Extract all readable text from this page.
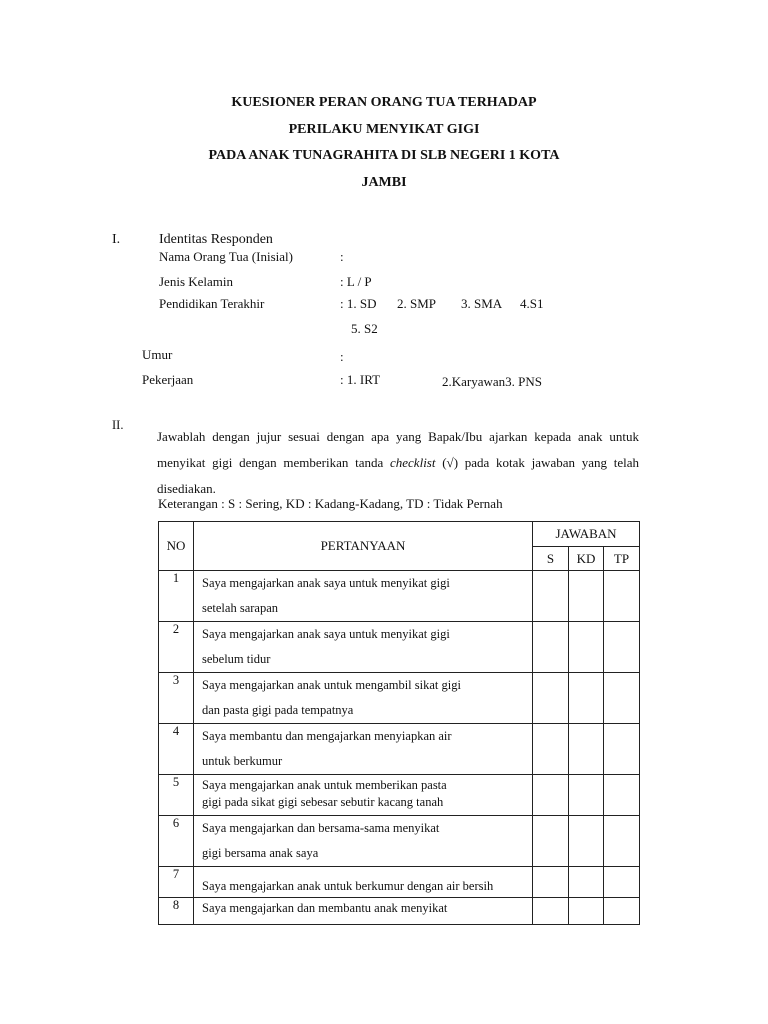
KUESIONER PERAN ORANG TUA TERHADAP
PERILAKU MENYIKAT GIGI
PADA ANAK TUNAGRAHITA DI SLB NEGERI 1 KOTA
JAMBI
I.	Identitas Responden
Nama Orang Tua (Inisial)	:
Jenis Kelamin	: L / P
Pendidikan Terakhir	: 1. SD 2. SMP 3. SMA 4.S1
5. S2
Umur	:
Pekerjaan	: 1. IRT	2.Karyawan3. PNS
II.
Jawablah dengan jujur sesuai dengan apa yang Bapak/Ibu ajarkan kepada anak untuk menyikat gigi dengan memberikan tanda checklist (√) pada kotak jawaban yang telah disediakan.
Keterangan : S : Sering, KD : Kadang-Kadang, TD : Tidak Pernah
NO	PERTANYAAN	JAWABAN		
		S	KD	TP
1	Saya mengajarkan anak saya untuk menyikat gigi
setelah sarapan			
2	Saya mengajarkan anak saya untuk menyikat gigi
sebelum tidur			
3	Saya mengajarkan anak untuk mengambil sikat gigi
dan pasta gigi pada tempatnya			
4	Saya membantu dan mengajarkan menyiapkan air
untuk berkumur			
5	Saya mengajarkan anak untuk memberikan pasta
gigi pada sikat gigi sebesar sebutir kacang tanah			
6	Saya mengajarkan dan bersama-sama menyikat
gigi bersama anak saya			
7	Saya mengajarkan anak untuk berkumur dengan air bersih			
8	Saya mengajarkan dan membantu anak menyikat			
